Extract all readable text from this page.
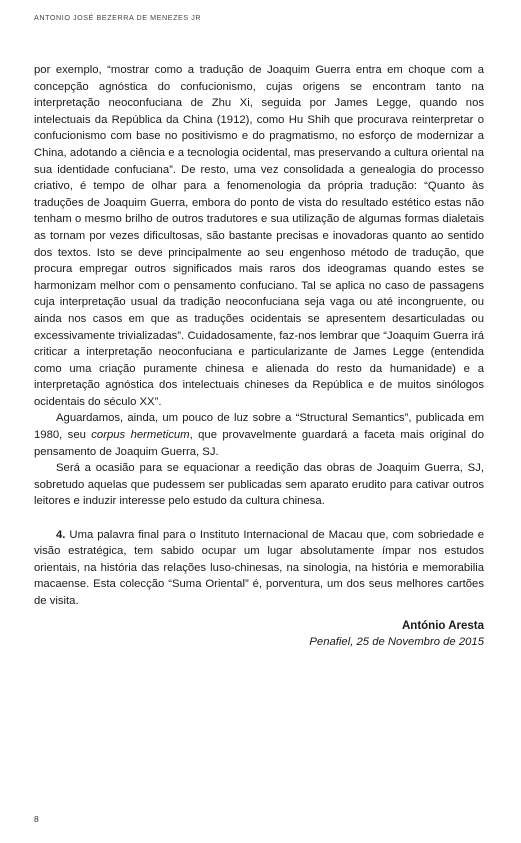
ANTONIO JOSÉ BEZERRA DE MENEZES JR

por exemplo, “mostrar como a tradução de Joaquim Guerra entra em choque com a concepção agnóstica do confucionismo, cujas origens se encontram tanto na interpretação neoconfuciana de Zhu Xi, seguida por James Legge, quando nos intelectuais da República da China (1912), como Hu Shih que procurava reinterpretar o confucionismo com base no positivismo e do pragmatismo, no esforço de modernizar a China, adotando a ciência e a tecnologia ocidental, mas preservando a cultura oriental na sua identidade confuciana”. De resto, uma vez consolidada a genealogia do processo criativo, é tempo de olhar para a fenomenologia da própria tradução: “Quanto às traduções de Joaquim Guerra, embora do ponto de vista do resultado estético estas não tenham o mesmo brilho de outros tradutores e sua utilização de algumas formas dialetais as tornam por vezes dificultosas, são bastante precisas e inovadoras quanto ao sentido dos textos. Isto se deve principalmente ao seu engenhoso método de tradução, que procura empregar outros significados mais raros dos ideogramas quando estes se harmonizam melhor com o pensamento confuciano. Tal se aplica no caso de passagens cuja interpretação usual da tradição neoconfuciana seja vaga ou até incongruente, ou ainda nos casos em que as traduções ocidentais se apresentem desarticuladas ou excessivamente trivializadas”. Cuidadosamente, faz-nos lembrar que “Joaquim Guerra irá criticar a interpretação neoconfuciana e particularizante de James Legge (entendida como uma criação puramente chinesa e alienada do resto da humanidade) e a interpretação agnóstica dos intelectuais chineses da República e de muitos sinólogos ocidentais do século XX”.

Aguardamos, ainda, um pouco de luz sobre a “Structural Semantics”, publicada em 1980, seu corpus hermeticum, que provavelmente guardará a faceta mais original do pensamento de Joaquim Guerra, SJ.

Será a ocasião para se equacionar a reedição das obras de Joaquim Guerra, SJ, sobretudo aquelas que pudessem ser publicadas sem aparato erudito para cativar outros leitores e induzir interesse pelo estudo da cultura chinesa.

4. Uma palavra final para o Instituto Internacional de Macau que, com sobriedade e visão estratégica, tem sabido ocupar um lugar absolutamente ímpar nos estudos orientais, na história das relações luso-chinesas, na sinologia, na história e memorabilia macaense. Esta colecção “Suma Oriental” é, porventura, um dos seus melhores cartões de visita.

António Aresta
Penafiel, 25 de Novembro de 2015
8
